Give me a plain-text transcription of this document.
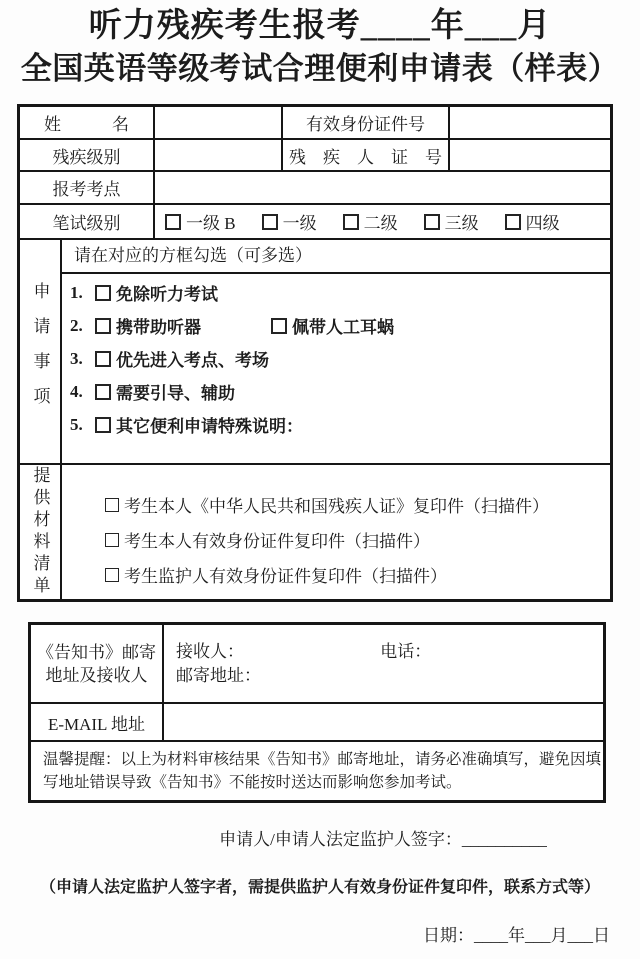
听力残疾考生报考____年___月
全国英语等级考试合理便利申请表（样表）
姓　　　名	有效身份证件号
残疾级别	残　疾　人　证　号
报考考点
笔试级别	一级 B	一级	二级	三级	四级
申请事项
请在对应的方框勾选（可多选）
1.	免除听力考试
2.	携带助听器	佩带人工耳蜗
3.	优先进入考点、考场
4.	需要引导、辅助
5.	其它便利申请特殊说明：
提供材料清单	考生本人《中华人民共和国残疾人证》复印件（扫描件）
考生本人有效身份证件复印件（扫描件）
考生监护人有效身份证件复印件（扫描件）
《告知书》邮寄
地址及接收人
接收人：	电话：
邮寄地址：
E-MAIL 地址
温馨提醒：以上为材料审核结果《告知书》邮寄地址，请务必准确填写，避免因填
写地址错误导致《告知书》不能按时送达而影响您参加考试。
申请人/申请人法定监护人签字：__________
（申请人法定监护人签字者，需提供监护人有效身份证件复印件，联系方式等）
日期：____年___月___日
